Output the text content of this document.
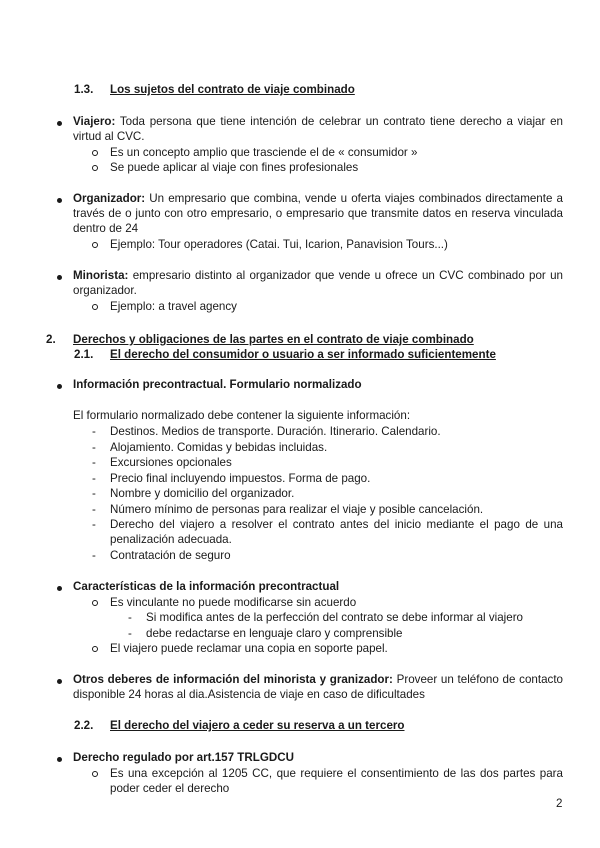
1.3. Los sujetos del contrato de viaje combinado
Viajero: Toda persona que tiene intención de celebrar un contrato tiene derecho a viajar en virtud al CVC.
Es un concepto amplio que trasciende el de « consumidor »
Se puede aplicar al viaje con fines profesionales
Organizador: Un empresario que combina, vende u oferta viajes combinados directamente a través de o junto con otro empresario, o empresario que transmite datos en reserva vinculada dentro de 24
Ejemplo: Tour operadores (Catai. Tui, Icarion, Panavision Tours...)
Minorista: empresario distinto al organizador que vende u ofrece un CVC combinado por un organizador.
Ejemplo: a travel agency
2. Derechos y obligaciones de las partes en el contrato de viaje combinado
2.1. El derecho del consumidor o usuario a ser informado suficientemente
Información precontractual. Formulario normalizado
El formulario normalizado debe contener la siguiente información:
- Destinos. Medios de transporte. Duración. Itinerario. Calendario.
- Alojamiento. Comidas y bebidas incluidas.
- Excursiones opcionales
- Precio final incluyendo impuestos. Forma de pago.
- Nombre y domicilio del organizador.
- Número mínimo de personas para realizar el viaje y posible cancelación.
- Derecho del viajero a resolver el contrato antes del inicio mediante el pago de una penalización adecuada.
- Contratación de seguro
Características de la información precontractual
Es vinculante no puede modificarse sin acuerdo
- Si modifica antes de la perfección del contrato se debe informar al viajero
- debe redactarse en lenguaje claro y comprensible
El viajero puede reclamar una copia en soporte papel.
Otros deberes de información del minorista y granizador: Proveer un teléfono de contacto disponible 24 horas al dia.Asistencia de viaje en caso de dificultades
2.2. El derecho del viajero a ceder su reserva a un tercero
Derecho regulado por art.157 TRLGDCU
Es una excepción al 1205 CC, que requiere el consentimiento de las dos partes para poder ceder el derecho
2
